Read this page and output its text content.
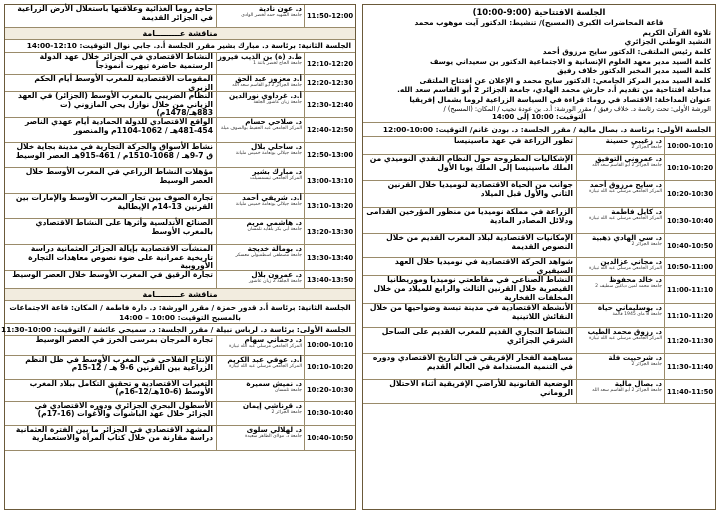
11:50-12:00
د. عون نادية
جامعة الشهيد حمه لخضر الوادي
حاجة روما الغذائية وعلاقتها باستغلال الأرض الزراعية في الجزائر القديمة
مناقشة عـــــــــامة
الجلسة الثانية: برئاسة د. مبارك بشير مقرر الجلسة أ.د. جابي نوال التوقيت: 12:10-14:00
12:10-12:20
ط.د (ة) بن الذيب فيروز
جامعة الحاج لخضر باتنة 1
النشاط الاقتصادي في الجزائر خلال عهد الدولة الرستمية حاضرة تيهرت أنموذجاً
12:20-12:30
أ.د معزوز عبد الحق
جامعة الجزائر 2 أبو القاسم سعد الله
المقومات الاقتصادية للمغرب الأوسط أيام الحكم الزيري
12:30-12:40
أ.د. غرداوي نورالدين
جامعة زيان عاشور الجلفة
النظام الضريبي بالمغرب الأوسط (الجزائر) في العهد الزياني من خلال نوازل يحي المازوني (ت 883هـ/1478م)
12:40-12:50
د. صلاحي حسام
المركز الجامعي عبد الحفيظ بوالصوف ميلة
الواقع الاقتصادي للدولة الحمادية أيام عهدي الناصر 454-481هـ / 1062-1104م والمنصور
12:50-13:00
د. ساحلي بلال
جامعة جيلالي بونعامة خميس مليانة
نشاط الأسواق والحركة التجارية في مدينة بجاية خلال ق 7-9هـ / 1068-1510م / 461-915هـ العصر الوسيط
13:00-13:10
د. مبارك بشير
المركز الجامعي تيسمسيلت
مؤهلات النشاط الزراعي في المغرب الأوسط خلال العصر الوسيط
13:10-13:20
أ.د. شريفي أحمد
جامعة جيلالي بونعامة خميس مليانة
تجارة الصوف بين تجار المغرب الأوسط والإمارات بين القرنين 13-14م الإيطالية
13:20-13:30
د. هاشمي مريم
جامعة أبي بكر بلقايد تلمسان
الصنائع الأندلسية وأثرها على النشاط الاقتصادي بالمغرب الأوسط
13:30-13:40
د. بومالة خديجة
جامعة مصطفى اسطمبولي معسكر
المنشآت الاقتصادية بإيالة الجزائر العثمانية دراسة تاريخية عمرانية على ضوء نصوص معاهدات التجارة الأوروبية
13:40-13:50
د. عمرون بلال
جامعة الجلفة 2 زيان عاشور
تجارة الرقيق في المغرب الأوسط خلال العصر الوسيط
مناقشة عـــــــــامة
الجلسة الثانية: برئاسة أ.د قدور حمزة / مقرر الورشة: د. دارة فاطمة / المكان: قاعة الاجتماعات
بالمسبح التوقيت: 10:00 – 14:00
الجلسة الأولى: برئاسة د. لرباس نبيلة / مقرر الجلسة: د. سميحي عائشة / التوقيت: 10:00-11:30
10:00-10:10
د. دحماني سهام
المركز الجامعي مرسلي عبد الله تيبازة
تجارة المرجان بمرسى الخرز في العصر الوسيط
10:10-10:20
أ.د. عوفي عبد الكريم
المركز الجامعي مرسلي عبد الله تيبازة
الإنتاج الفلاحي في المغرب الأوسط في ظل النظم الزراعية بين القرنين 6-9 هـ / 12-15م
10:20-10:30
د. نميش سميرة
جامعة تلمسان
التغيرات الاقتصادية و تحقيق التكامل ببلاد المغرب الأوسط (6-10هـ/12-16م)
10:30-10:40
د. قرناشي إيمان
جامعة الجزائر 2
الأسطول البحري الجزائري ودوره الاقتصادي في الجزائر خلال عهد الباشوات والأغوات (16-17م)
10:40-10:50
د. لهلالي سلوى
جامعة د. مولاي الطاهر سعيدة
المشهد الاقتصادي في الجزائر ما بين الفترة العثمانية دراسة مقارنة من خلال كتاب المرآة والاستعمارية
الجلسة الافتتاحية (9:00-10:00)
قاعة المحاضرات الكبرى (المسبح)/ تنشيط: الدكتور آيت موهوب محمد
تلاوة القرآن الكريم
النشيد الوطني الجزائري
كلمة رئيس الملتقى: الدكتور سايح مرزوق أحمد
كلمة السيد مدير معهد العلوم الإنسانية و الاجتماعية الدكتور بن سعيداني يوسف
كلمة السيد مدير المخبر الدكتور خلاف رفيق
كلمة السيد مدير المركز الجامعي: الدكتور سايح محمد و الإعلان عن افتتاح الملتقى
مداخلة افتتاحية من تقديم أ.د حارش محمد الهادي، جامعة الجزائر 2 أبو القاسم سعد الله.
عنوان المداخلة: الاقتصاد في روما: قراءة في السياسة الزراعية لروما بشمال إفريقيا
الورشة الأولى: تحت رئاسة د. خلاف رفيق / مقرر الورشة: أ.د. بن عودة نجيب / المكان: (المسبح) /
التوقيت: 10:00 إلى 14:00
الجلسة الأولى: برئاسة د. بصال مالية / مقرر الجلسة: د. بودن غانم/ التوقيت: 10:00-12:00
10:00-10:10
د. زغيبي حسينة
جامعة الجزائر 2
تطور الزراعة في عهد ماسينيسا
10:10-10:20
د. عمروني التوفيق
جامعة الجزائر 2 أبو القاسم سعد الله
الإشكاليات المطروحة حول النظام النقدي النوميدي من الملك ماسينيسا إلى الملك يوبا الأول
10:20-10:30
د. سايح مرزوق أحمد
المركز الجامعي مرسلي عبد الله تيبازة
جوانب من الحياة الاقتصادية لنوميديا خلال القرنين الثاني والأول قبل الميلاد
10:30-10:40
د. كايل فاطمة
المركز الجامعي مرسلي عبد الله تيبازة
الزراعة في مملكة نوميديا من منظور المؤرخين القدامى ودلائل المصادر المادية
10:40-10:50
د. سي الهادي ذهبية
جامعة الجزائر 2
الإمكانيات الاقتصادية لبلاد المغرب القديم من خلال النصوص القديمة
10:50-11:00
د. مجاني عزالدين
المركز الجامعي مرسلي عبد الله تيبازة
شواهد الحركة الاقتصادية في نوميديا خلال العهد السيفيري
11:00-11:10
د. خالد محفوظ
جامعة محمد لمين دباغين سطيف 2
النشاط الصناعي في مقاطعتي نوميديا وموريطانيا القيصرية خلال القرنين الثالث والرابع للميلاد من خلال المخلفات الفخارية
11:10-11:20
د. بوسليماني حياة
جامعة 8 ماي 1945 قالمة
الأنشطة الاقتصادية في مدينة تبسة وضواحيها من خلال النقائش اللاتينية
11:20-11:30
د. رزوق محمد الطيب
المركز الجامعي مرسلي عبد الله تيبازة
النشاط التجاري القديم للمغرب القديم على الساحل الشرقي الجزائري
11:30-11:40
د. شرحبيت فلة
جامعة الجزائر 2
مساهمة الفخار الإفريقي في التاريخ الاقتصادي ودوره في التنمية المستدامة في العالم القديم
11:40-11:50
د. بصال مالية
جامعة الجزائر 2 أبو القاسم سعد الله
الوضعية القانونية للأراضي الإفريقية أثناء الاحتلال الروماني
